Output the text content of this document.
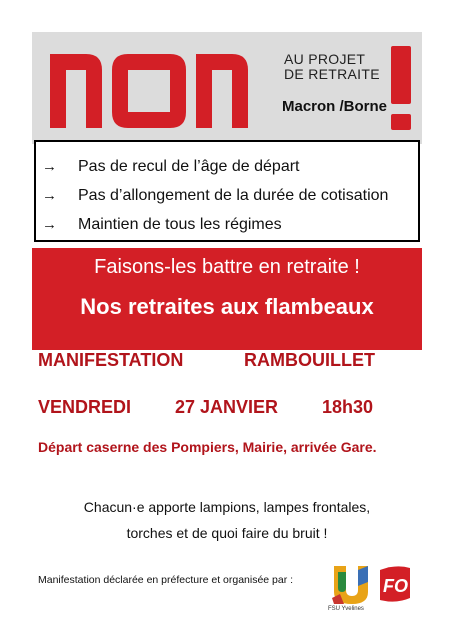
AU PROJET
DE RETRAITE
Macron /Borne
→	Pas de recul de l’âge de départ
→	Pas d’allongement de la durée de cotisation
→	Maintien de tous les régimes
Faisons-les battre en retraite !
Nos retraites aux flambeaux
MANIFESTATION	RAMBOUILLET
VENDREDI 27 JANVIER 18h30
Départ caserne des Pompiers, Mairie, arrivée Gare.
Chacun·e apporte lampions, lampes frontales,
torches et de quoi faire du bruit !
Manifestation déclarée en préfecture et organisée par :
FSU Yvelines
FO
